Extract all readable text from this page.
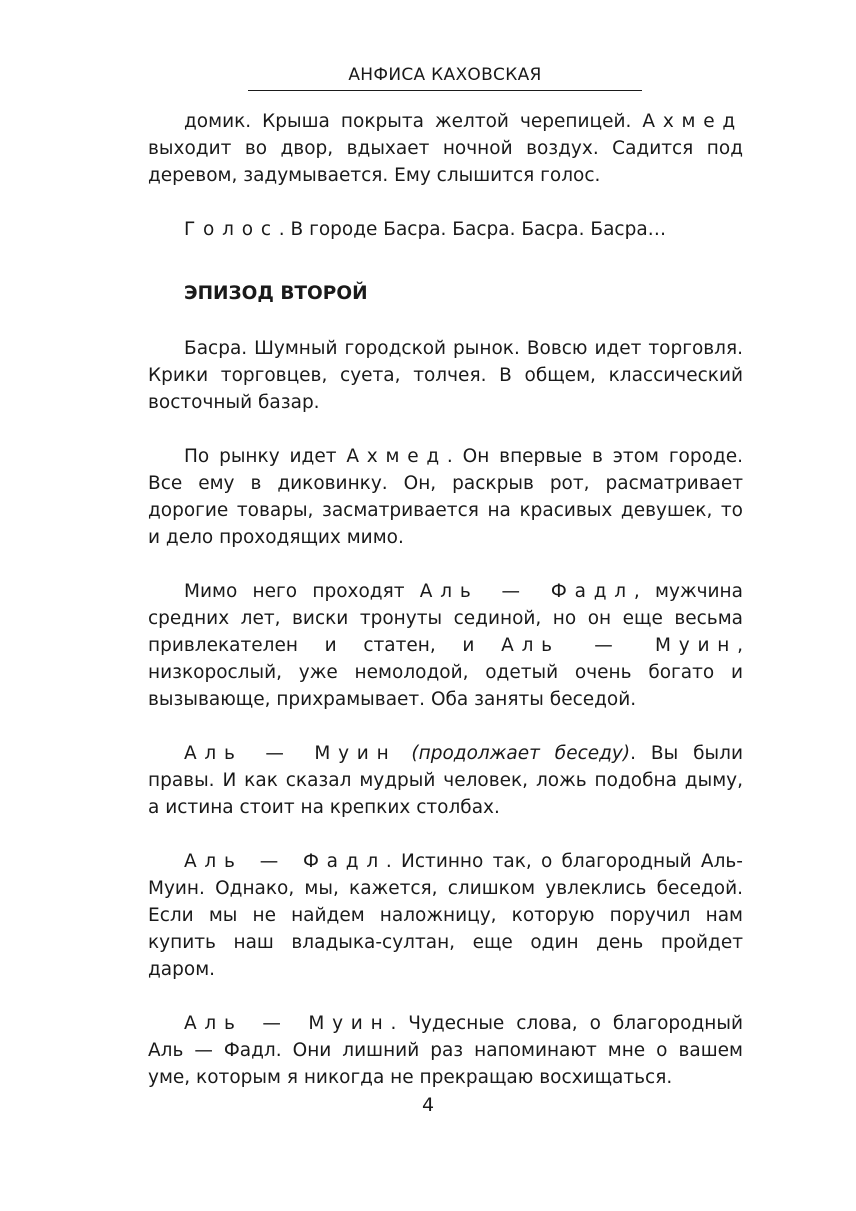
АНФИСА КАХОВСКАЯ

домик. Крыша покрыта желтой черепицей. Ахмед выходит во двор, вдыхает ночной воздух. Садится под деревом, задумывается. Ему слышится голос.

Голос. В городе Басра. Басра. Басра. Басра…

ЭПИЗОД ВТОРОЙ

Басра. Шумный городской рынок. Вовсю идет торговля. Крики торговцев, суета, толчея. В общем, классический восточный базар.

По рынку идет Ахмед. Он впервые в этом городе. Все ему в диковинку. Он, раскрыв рот, расматривает дорогие товары, засматривается на красивых девушек, то и дело проходящих мимо.

Мимо него проходят Аль — Фадл, мужчина средних лет, виски тронуты сединой, но он еще весьма привлекателен и статен, и Аль — Муин, низкорослый, уже немолодой, одетый очень богато и вызывающе, прихрамывает. Оба заняты беседой.

Аль — Муин (продолжает беседу). Вы были правы. И как сказал мудрый человек, ложь подобна дыму, а истина стоит на крепких столбах.

Аль — Фадл. Истинно так, о благородный Аль-Муин. Однако, мы, кажется, слишком увлеклись беседой. Если мы не найдем наложницу, которую поручил нам купить наш владыка-султан, еще один день пройдет даром.

Аль — Муин. Чудесные слова, о благородный Аль — Фадл. Они лишний раз напоминают мне о вашем уме, которым я никогда не прекращаю восхищаться.

4
